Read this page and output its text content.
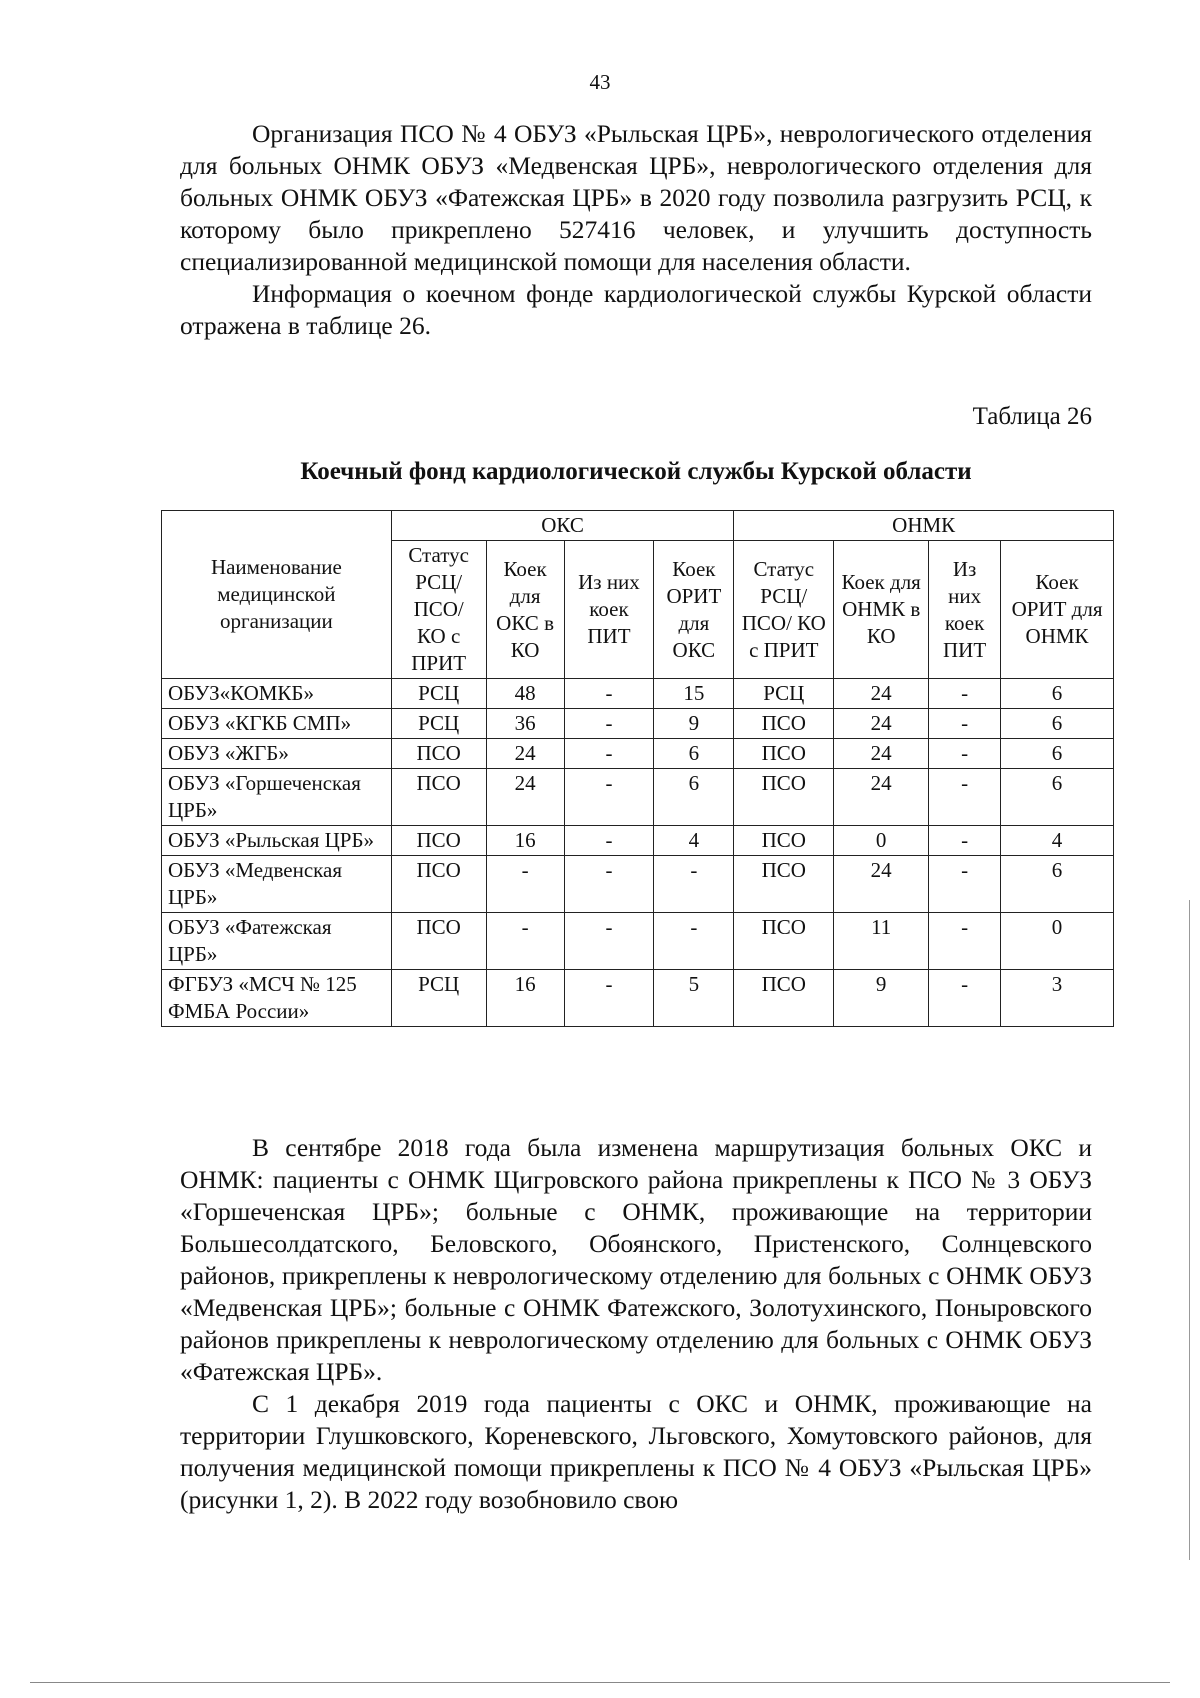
43

Организация ПСО № 4 ОБУЗ «Рыльская ЦРБ», неврологического отделения для больных ОНМК ОБУЗ «Медвенская ЦРБ», неврологического отделения для больных ОНМК ОБУЗ «Фатежская ЦРБ» в 2020 году позволила разгрузить РСЦ, к которому было прикреплено 527416 человек, и улучшить доступность специализированной медицинской помощи для населения области.

Информация о коечном фонде кардиологической службы Курской области отражена в таблице 26.

Таблица 26
Коечный фонд кардиологической службы Курской области
Наименование медицинской организации	ОКС				ОНМК			
	Статус РСЦ/ ПСО/ КО с ПРИТ	Коек для ОКС в КО	Из них коек ПИТ	Коек ОРИТ для ОКС	Статус РСЦ/ ПСО/ КО с ПРИТ	Коек для ОНМК в КО	Из них коек ПИТ	Коек ОРИТ для ОНМК
ОБУЗ«КОМКБ»	РСЦ	48	-	15	РСЦ	24	-	6
ОБУЗ «КГКБ СМП»	РСЦ	36	-	9	ПСО	24	-	6
ОБУЗ «ЖГБ»	ПСО	24	-	6	ПСО	24	-	6
ОБУЗ «Горшеченская ЦРБ»	ПСО	24	-	6	ПСО	24	-	6
ОБУЗ «Рыльская ЦРБ»	ПСО	16	-	4	ПСО	0	-	4
ОБУЗ «Медвенская ЦРБ»	ПСО	-	-	-	ПСО	24	-	6
ОБУЗ «Фатежская ЦРБ»	ПСО	-	-	-	ПСО	11	-	0
ФГБУЗ «МСЧ № 125 ФМБА России»	РСЦ	16	-	5	ПСО	9	-	3

В сентябре 2018 года была изменена маршрутизация больных ОКС и ОНМК: пациенты с ОНМК Щигровского района прикреплены к ПСО № 3 ОБУЗ «Горшеченская ЦРБ»; больные с ОНМК, проживающие на территории Большесолдатского, Беловского, Обоянского, Пристенского, Солнцевского районов, прикреплены к неврологическому отделению для больных с ОНМК ОБУЗ «Медвенская ЦРБ»; больные с ОНМК Фатежского, Золотухинского, Поныровского районов прикреплены к неврологическому отделению для больных с ОНМК ОБУЗ «Фатежская ЦРБ».

С 1 декабря 2019 года пациенты с ОКС и ОНМК, проживающие на территории Глушковского, Кореневского, Льговского, Хомутовского районов, для получения медицинской помощи прикреплены к ПСО № 4 ОБУЗ «Рыльская ЦРБ» (рисунки 1, 2). В 2022 году возобновило свою
